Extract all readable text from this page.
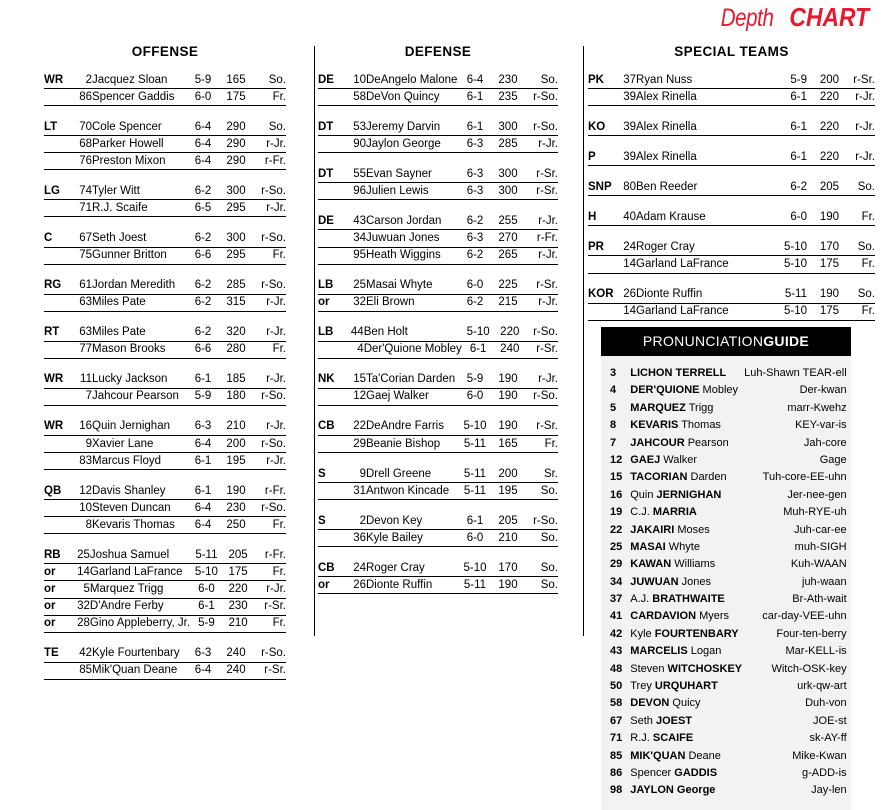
Depth CHART
OFFENSE
WR	2	Jacquez Sloan	5-9	165	So.
	86	Spencer Gaddis	6-0	175	Fr.
LT	70	Cole Spencer	6-4	290	So.
	68	Parker Howell	6-4	290	r-Jr.
	76	Preston Mixon	6-4	290	r-Fr.
LG	74	Tyler Witt	6-2	300	r-So.
	71	R.J. Scaife	6-5	295	r-Jr.
C	67	Seth Joest	6-2	300	r-So.
	75	Gunner Britton	6-6	295	Fr.
RG	61	Jordan Meredith	6-2	285	r-So.
	63	Miles Pate	6-2	315	r-Jr.
RT	63	Miles Pate	6-2	320	r-Jr.
	77	Mason Brooks	6-6	280	Fr.
WR	11	Lucky Jackson	6-1	185	r-Jr.
	7	Jahcour Pearson	5-9	180	r-So.
WR	16	Quin Jernighan	6-3	210	r-Jr.
	9	Xavier Lane	6-4	200	r-So.
	83	Marcus Floyd	6-1	195	r-Jr.
QB	12	Davis Shanley	6-1	190	r-Fr.
	10	Steven Duncan	6-4	230	r-So.
	8	Kevaris Thomas	6-4	250	Fr.
RB	25	Joshua Samuel	5-11	205	r-Fr.
or	14	Garland LaFrance	5-10	175	Fr.
or	5	Marquez Trigg	6-0	220	r-Jr.
or	32	D'Andre Ferby	6-1	230	r-Sr.
or	28	Gino Appleberry, Jr.	5-9	210	Fr.
TE	42	Kyle Fourtenbary	6-3	240	r-So.
	85	Mik'Quan Deane	6-4	240	r-Sr.
DEFENSE
DE	10	DeAngelo Malone	6-4	230	So.
	58	DeVon Quincy	6-1	235	r-So.
DT	53	Jeremy Darvin	6-1	300	r-So.
	90	Jaylon George	6-3	285	r-Jr.
DT	55	Evan Sayner	6-3	300	r-Sr.
	96	Julien Lewis	6-3	300	r-Sr.
DE	43	Carson Jordan	6-2	255	r-Jr.
	34	Juwuan Jones	6-3	270	r-Fr.
	95	Heath Wiggins	6-2	265	r-Jr.
LB	25	Masai Whyte	6-0	225	r-Sr.
or	32	Eli Brown	6-2	215	r-Jr.
LB	44	Ben Holt	5-10	220	r-So.
	4	Der'Quione Mobley	6-1	240	r-Sr.
NK	15	Ta'Corian Darden	5-9	190	r-Jr.
	12	Gaej Walker	6-0	190	r-So.
CB	22	DeAndre Farris	5-10	190	r-Sr.
	29	Beanie Bishop	5-11	165	Fr.
S	9	Drell Greene	5-11	200	Sr.
	31	Antwon Kincade	5-11	195	So.
S	2	Devon Key	6-1	205	r-So.
	36	Kyle Bailey	6-0	210	So.
CB	24	Roger Cray	5-10	170	So.
or	26	Dionte Ruffin	5-11	190	So.
SPECIAL TEAMS
PK	37	Ryan Nuss	5-9	200	r-Sr.
	39	Alex Rinella	6-1	220	r-Jr.
KO	39	Alex Rinella	6-1	220	r-Jr.
P	39	Alex Rinella	6-1	220	r-Jr.
SNP	80	Ben Reeder	6-2	205	So.
H	40	Adam Krause	6-0	190	Fr.
PR	24	Roger Cray	5-10	170	So.
	14	Garland LaFrance	5-10	175	Fr.
KOR	26	Dionte Ruffin	5-11	190	So.
	14	Garland LaFrance	5-10	175	Fr.
PRONUNCIATIONGUIDE
3	LICHON TERRELL	Luh-Shawn TEAR-ell
4	DER'QUIONE Mobley	Der-kwan
5	MARQUEZ Trigg	marr-Kwehz
8	KEVARIS Thomas	KEY-var-is
7	JAHCOUR Pearson	Jah-core
12	GAEJ Walker	Gage
15	TACORIAN Darden	Tuh-core-EE-uhn
16	Quin JERNIGHAN	Jer-nee-gen
19	C.J. MARRIA	Muh-RYE-uh
22	JAKAIRI Moses	Juh-car-ee
25	MASAI Whyte	muh-SIGH
29	KAWAN Williams	Kuh-WAAN
34	JUWUAN Jones	juh-waan
37	A.J. BRATHWAITE	Br-Ath-wait
41	CARDAVION Myers	car-day-VEE-uhn
42	Kyle FOURTENBARY	Four-ten-berry
43	MARCELIS Logan	Mar-KELL-is
48	Steven WITCHOSKEY	Witch-OSK-key
50	Trey URQUHART	urk-qw-art
58	DEVON Quicy	Duh-von
67	Seth JOEST	JOE-st
71	R.J. SCAIFE	sk-AY-ff
85	MIK'QUAN Deane	Mike-Kwan
86	Spencer GADDIS	g-ADD-is
98	JAYLON George	Jay-len
